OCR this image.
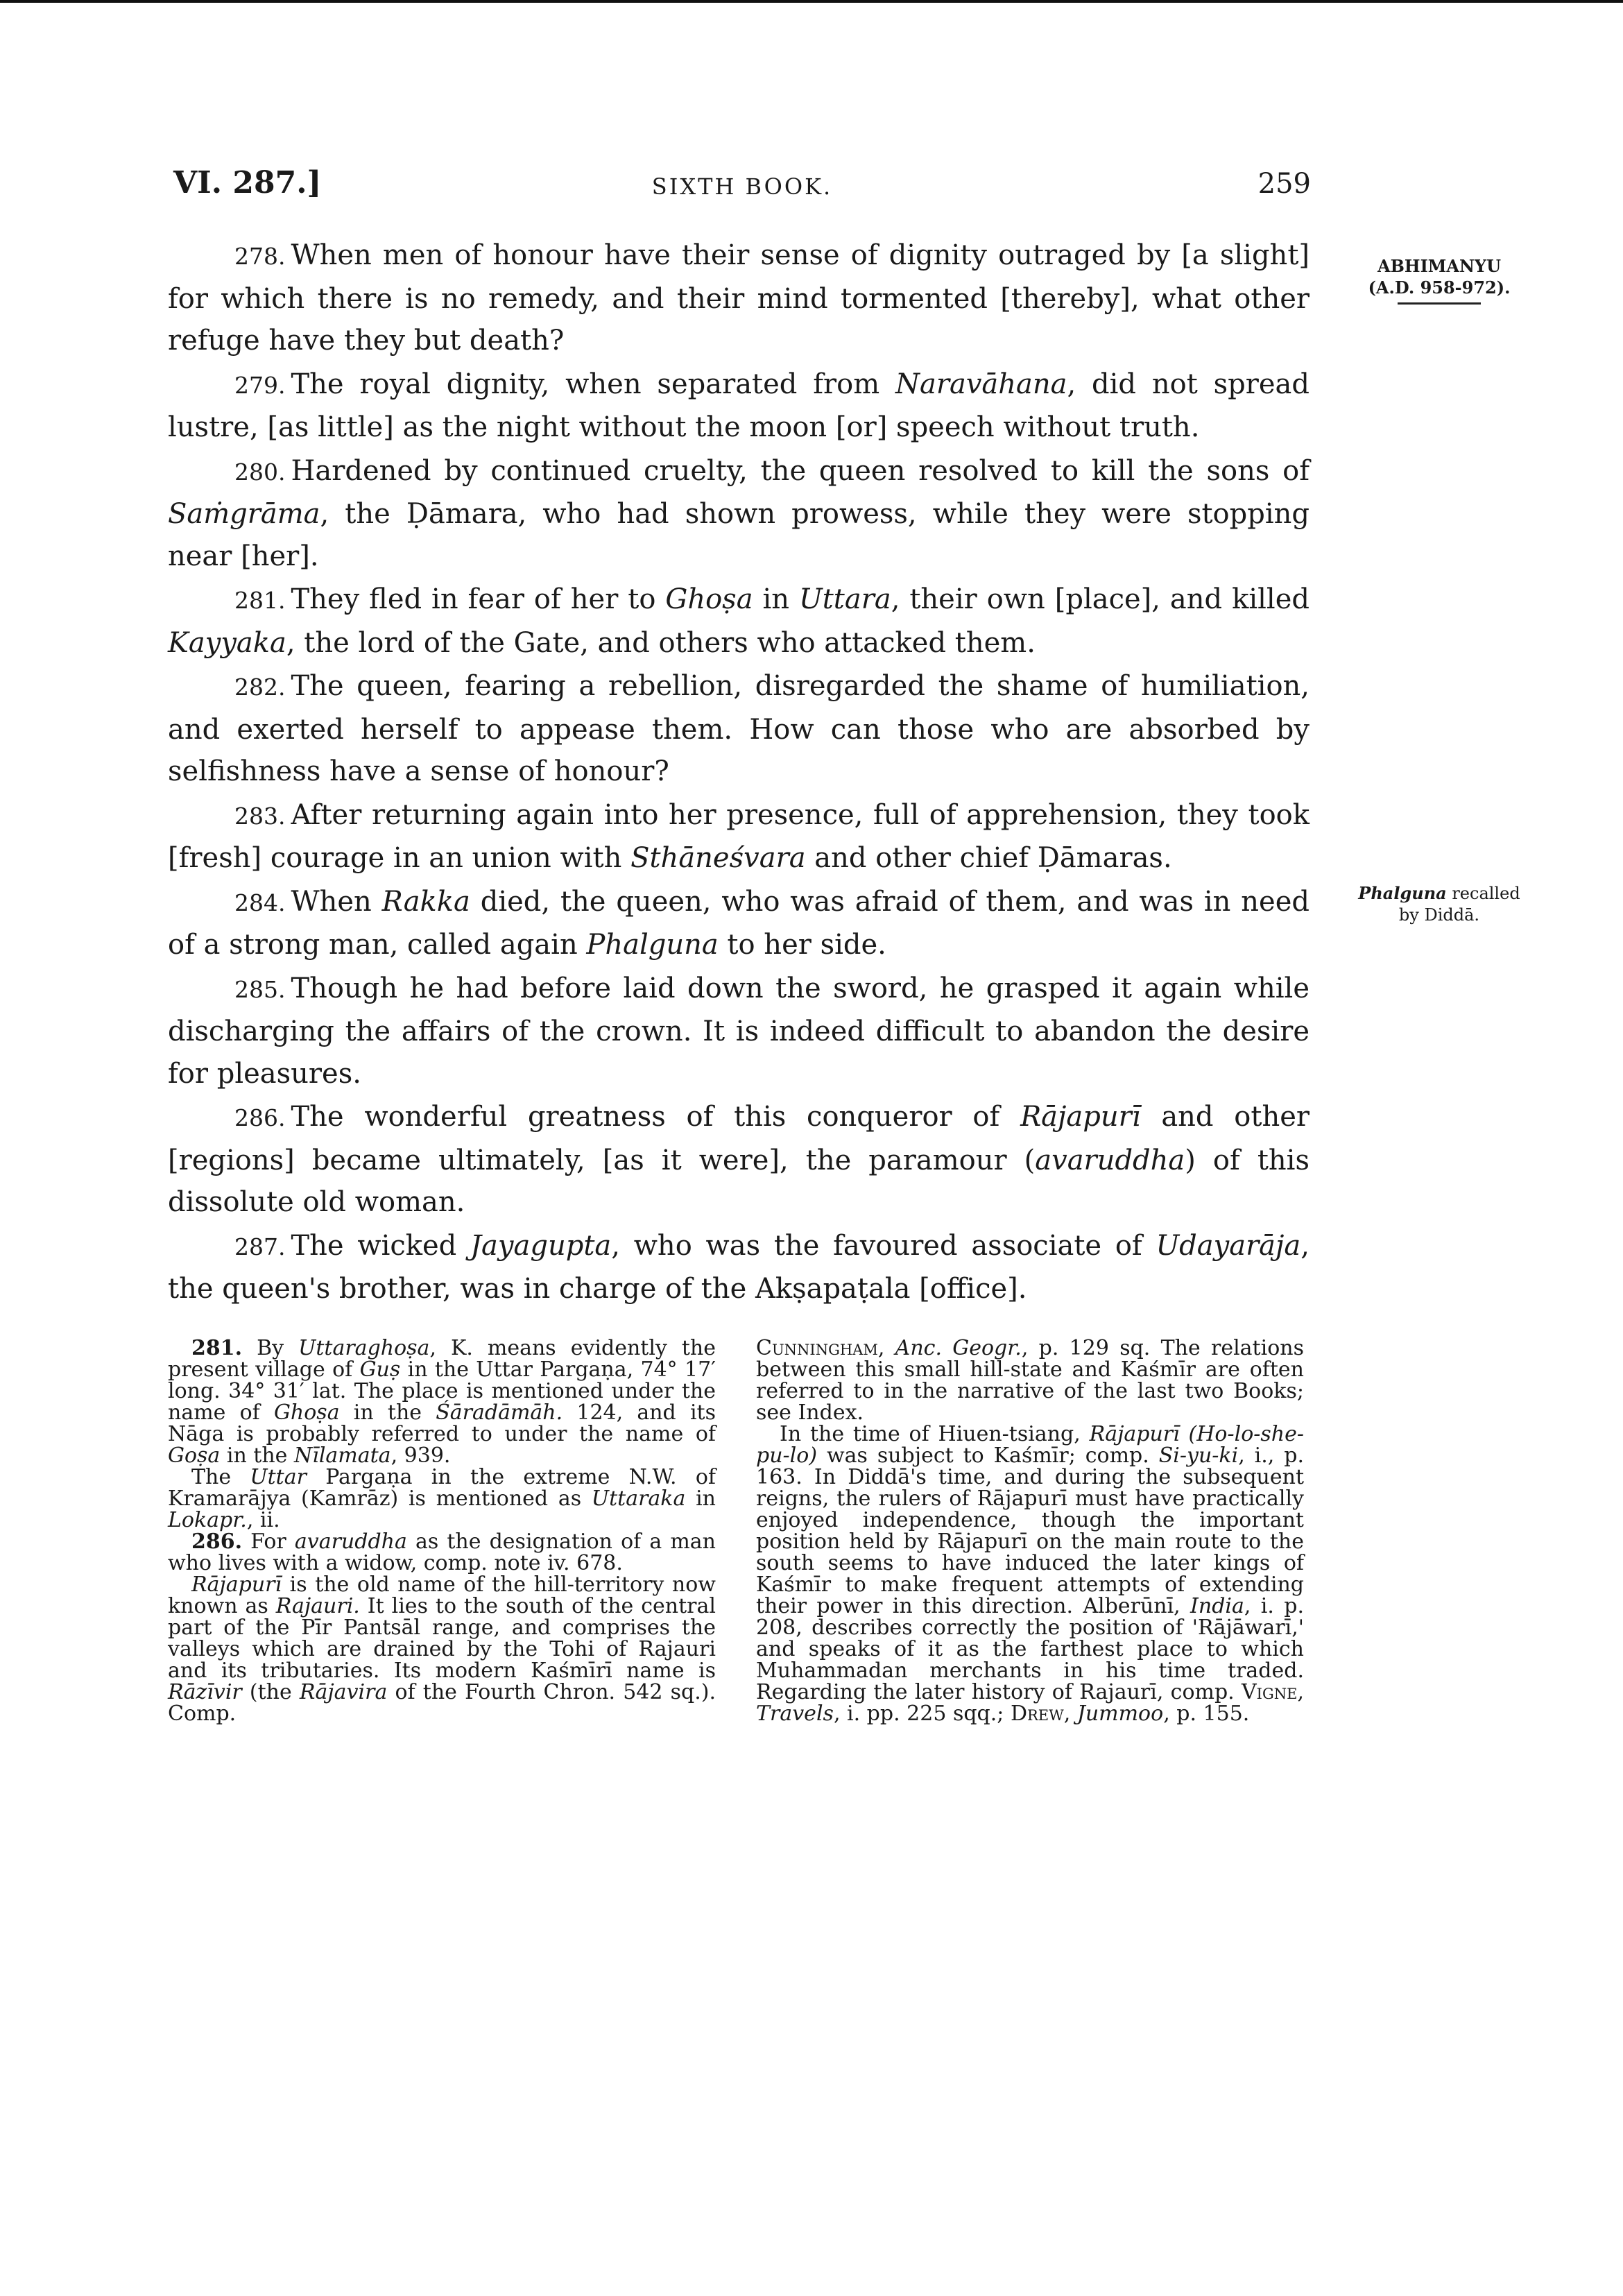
VI. 287.]	SIXTH BOOK.	259
ABHIMANYU
(A.D. 958-972).
Phalguna recalled
by Diddā.

278. When men of honour have their sense of dignity outraged by [a slight] for which there is no remedy, and their mind tormented [thereby], what other refuge have they but death?

279. The royal dignity, when separated from Naravāhana, did not spread lustre, [as little] as the night without the moon [or] speech without truth.

280. Hardened by continued cruelty, the queen resolved to kill the sons of Saṁgrāma, the Ḍāmara, who had shown prowess, while they were stopping near [her].

281. They fled in fear of her to Ghoṣa in Uttara, their own [place], and killed Kayyaka, the lord of the Gate, and others who attacked them.

282. The queen, fearing a rebellion, disregarded the shame of humiliation, and exerted herself to appease them. How can those who are absorbed by selfishness have a sense of honour?

283. After returning again into her presence, full of apprehension, they took [fresh] courage in an union with Sthāneśvara and other chief Ḍāmaras.

284. When Rakka died, the queen, who was afraid of them, and was in need of a strong man, called again Phalguna to her side.

285. Though he had before laid down the sword, he grasped it again while discharging the affairs of the crown. It is indeed difficult to abandon the desire for pleasures.

286. The wonderful greatness of this conqueror of Rājapurī and other [regions] became ultimately, [as it were], the paramour (avaruddha) of this dissolute old woman.

287. The wicked Jayagupta, who was the favoured associate of Udayarāja, the queen's brother, was in charge of the Akṣapaṭala [office].

281. By Uttaraghoṣa, K. means evidently the present village of Guṣ in the Uttar Pargaṇa, 74° 17′ long. 34° 31′ lat. The place is mentioned under the name of Ghoṣa in the Śāradāmāh. 124, and its Nāga is probably referred to under the name of Goṣa in the Nīlamata, 939.

The Uttar Pargaṇa in the extreme N.W. of Kramarājya (Kamrāz) is mentioned as Uttaraka in Lokapr., ii.

286. For avaruddha as the designation of a man who lives with a widow, comp. note iv. 678.

Rājapurī is the old name of the hill-territory now known as Rajauri. It lies to the south of the central part of the Pīr Pantsāl range, and comprises the valleys which are drained by the Tohi of Rajauri and its tributaries. Its modern Kaśmīrī name is Rāzīvir (the Rājavira of the Fourth Chron. 542 sq.). Comp.

Cunningham, Anc. Geogr., p. 129 sq. The relations between this small hill-state and Kaśmīr are often referred to in the narrative of the last two Books; see Index.

In the time of Hiuen-tsiang, Rājapurī (Ho-lo-she-pu-lo) was subject to Kaśmīr; comp. Si-yu-ki, i., p. 163. In Diddā's time, and during the subsequent reigns, the rulers of Rājapurī must have practically enjoyed independence, though the important position held by Rājapurī on the main route to the south seems to have induced the later kings of Kaśmīr to make frequent attempts of extending their power in this direction. Alberūnī, India, i. p. 208, describes correctly the position of 'Rājāwarī,' and speaks of it as the farthest place to which Muhammadan merchants in his time traded. Regarding the later history of Rajaurī, comp. Vigne, Travels, i. pp. 225 sqq.; Drew, Jummoo, p. 155.
